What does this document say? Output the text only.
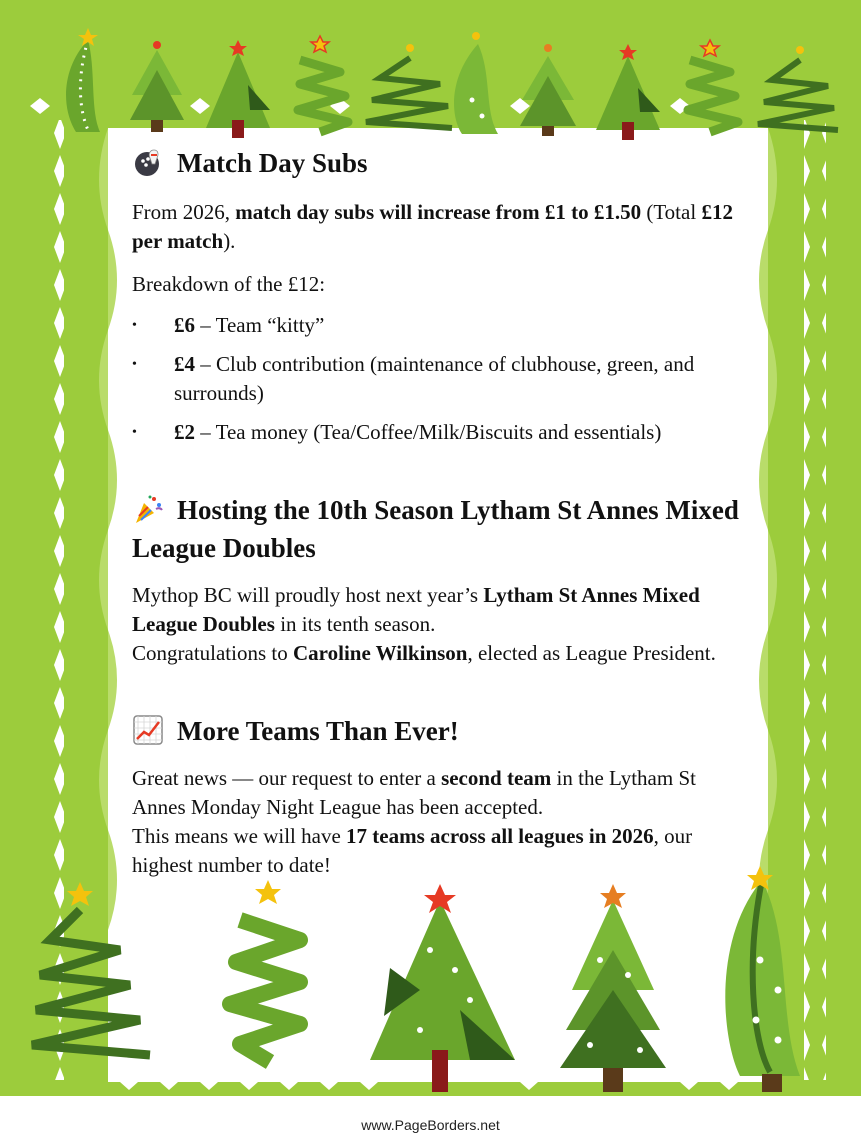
Match Day Subs

From 2026, match day subs will increase from £1 to £1.50 (Total £12 per match).

Breakdown of the £12:

• £6 – Team “kitty”
• £4 – Club contribution (maintenance of clubhouse, green, and surrounds)
• £2 – Tea money (Tea/Coffee/Milk/Biscuits and essentials)
Hosting the 10th Season Lytham St Annes Mixed League Doubles

Mythop BC will proudly host next year’s Lytham St Annes Mixed League Doubles in its tenth season.
Congratulations to Caroline Wilkinson, elected as League President.

More Teams Than Ever!

Great news — our request to enter a second team in the Lytham St Annes Monday Night League has been accepted.
This means we will have 17 teams across all leagues in 2026, our highest number to date!

www.PageBorders.net
